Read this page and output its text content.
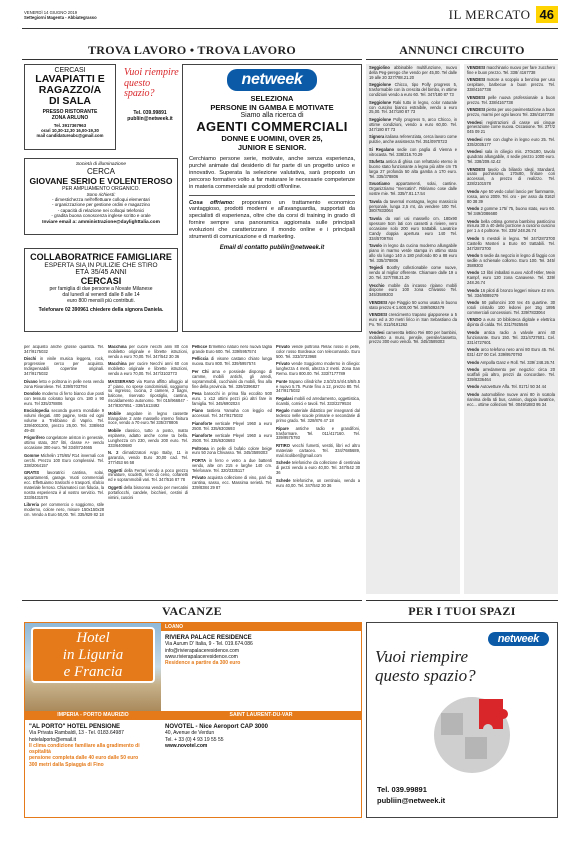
VENERDÌ 14 GIUGNO 2019

Settegiorni Magenta - Abbiategrasso	IL MERCATO 46
TROVA LAVORO • TROVA LAVORO	ANNUNCI CIRCUITO
CERCASI
LAVAPIATTI E
RAGAZZO/A
DI SALA
PRESSO RISTORANTE
ZONA ARLUNO
Tel. 3917367963
orari 10,30-12,30 16,00-19,30
mail candidatureabc@gmail.com
Vuoi riempire
questo
spazio?
Tel. 039.99891
publiin@netweek.it
netweek
SELEZIONA
PERSONE IN GAMBA E MOTIVATE
Siamo alla ricerca di
AGENTI COMMERCIALI
DONNE E UOMINI, OVER 25,
JUNIOR E SENIOR.
Cerchiamo persone serie, motivate, anche senza esperienza, purché animate dal desiderio di far parte di un progetto unico e innovativo. Superata la selezione valutativa, sarà proposto un percorso formativo volto a far maturare le necessarie competenze in materia commerciale sui prodotti off/online.
Cosa offriamo: proponiamo un trattamento economico vantaggioso, prodotti moderni e all'avanguardia, supportati da specialisti di esperienza, oltre che da corsi di training in grado di fornire sempre una panoramica aggiornata sulle principali evoluzioni che caratterizzano il mondo online e i principali strumenti di comunicazione e di marketing.
Email di contatto publiin@netweek.it
Società di illuminazione
CERCA
GIOVANE SERIO E VOLENTEROSO
PER AMPLIAMENTO ORGANICO.
Sono richiesti:
- dimestichezza nell'effettuare colloqui elementari
- organizzazione per gestione ordini e magazzino
- capacità di relazione nei colloqui telefonici
- gradita buona conoscenza inglese scritto e orale
Inviare email a: amministrazione@daylighttalia.com
COLLABORATRICE FAMIGLIARE
ESPERTA SIA IN PULIZIE CHE STIRO
ETÀ 35/45 ANNI
CERCASI
per famiglia di due persone a Novate Milanese
dal lunedì al venerdì dalle 8 alle 14
euro 800 mensili più contributi.
Telefonare 02 390961 chiedere della signora Daniela.

per acquisto anche grosse quantità. Tel. 347/9175032

Dischi in vinile musica leggera, rock, progressive cerco per acquisto. Indispensabili copertine originali. 347/9175032

Divano letto e poltrona in pelle nera vendo zona Rivarolese. Tel. 339/5703794

Dondolo moderno di ferro bianco due posti con tessuto colorato lungo cm. 180 x 90 euro. Tel 335/378806

Enciclopedia seconda guerra mondiale 9 volumi rilegati. 400 pagine, testo ed ogni volume a Trebbiano di Vaprio. Tel. 339/4001200, prezzo 25,00. Tel. 338/663 49-48

Frigorifero congelatore ariston in generale, ottimo stato, 267 litri, classe A+ vendo occasione 300 euro. Tel 334/8724665

Gomme Michelin 175/65/ R14 invernali con cerchi. Prezzo 100 Euro complessivi. Tel. 338/2064157

GRATIS lavoratrici cantina, solai, appartamenti, garage. Vuoti commerciali ecc. Effettuiamo traslochi e trasporti, sfalcio materiale ferroso. Chiamateci con fiducia, la nostra esperienza è al vostro servizio. Tel. 333/8431576

Libreria per commercio o soggiorno, stile moderno, colore nero, misure 150x150x28 cm. Vendo a Euro 50,00. Tel. 335/829 82 18

Macchina per cucire necchi anni 80 con mobiletto originale e librette istruzioni, vendo a euro 70,00. Tel. 347/542 30 36

Macchina per cucire Necchi anni 60 con mobiletto originale e librette istruzioni, vendo a euro 70,00. Tel. 347/3103773

MASSERANO via Roma affitto alloggio al 2° piano, no spese condominiali, soggiorno su ingresso, cucina, 2 camere, 2 bagni, balcone, riservato ripostiglio, cantina, riscaldamento autonomo. Tel 015/966847 - 347/8307851 - 338/1613492

Mobile angolare in legno cassette triangolare 2 ante massello interno finitura noce, vendo a 70 euro.Tel 335/378806

Mobile classico, tutto a posto, matto esplarete, adatto anche come ta bella. Lunghezza cm 230, vendo 200 euro. Tel. 333/6400680

N. 2 climatizzatori Argo Baby, 11 in garanzia, vendo Euro 30,00 cad. Tel. 377/453 66 58

Oggetti della Ferrari vendo a poco prezzo miniature, scudetti, ferro di ceno, cofanetti ed e soprammobili vari. Tel. 347/516 87 78

Oggetti della bisnonna vendo per mercatini portafiocchi, candele, bicchieri, cestini di vimini, cuscini

Pellicce Ermellino naturo nero nuova taglia grande Euro 600. Tel. 339/5957574

Pelliccia di visone castano chiaro lunga nuova. Euro 800. Tel. 339/5957574

Per Chi ama e possiede dispongo di camme, mobili antichi, gli arredi, soprammobili, cucchiaini da mobili, fino alla fine della provincia. Tel. 339/2396827

Pesa barocchi in prima fila eccolito 500 euro. 1 x12 ottimi pezzi più altri fare in famiglia. Tel. 345/6902024

Piano tastiera Yamaha con leggìo ed accessori. Tel. 347/9175032

Pianoforte verticale Pleyel 1960 a euro 2500. Tel. 335/6303693

Pianoforte verticale Pleyel 1960 a euro 2500. Tel. 335/6303693

Poltrona in pelle di bufalo colore beige euro 50 zona Chivasso. Tel. 345/3589303

PORTA in ferro e vetro a due battenti vendo, alte cm 215 e larghe 140 cm. Telefonare. Tel. 320/3335117

Privato acquista collezione di vino, pari da cantina, sasso, ecc. Massima serietà. Tel. 339/8384 29 87

Privato vende poltrona Relax rosso in pelle, color rosso Bordeaux con telecomando. Euro 500. Tel. 333/3733968

Privato vende Soggiorno moderno in ciliegio: lunghezza 4 metri, altezza 2 metri. Zona San Remo. Euro 800.00. Tel. 333/7177789

Punte trapano cilindriche 2.5/3/3.5/4/4.5/5/5.5 e nuovo 5.75. Punte fino a 12, prezzo 80. Tel. 347/9175032

Regalasi mobili ed arredamento, oggettistica, ricambi, cornici e tavoli. Tel. 333/2279534

Regalo materiale didattico per insegnanti dal tedesco nelle scuole primarie e secondarie di primo grado. Tel. 328/876 47 18

Ripare antiche radio e grandifoni, trasformare. Tel. 011/417160. Tel. 339/9575793

RITIRO vecchi fumetti, vestiti, libri ed altro materiale cartaceo. Tel. 334/7685689, mail.ricoliber@gmail.com

Schede telefoniche da collezione di centinaia di pezzi vendo a euro 40,00. Tel. 347/542 30 36

Schede telefoniche, un centinaio, vendo a euro 40,00. Tel. 347/542 30 36

Seggiolino abbinabile multifunzione, nuovo della Peg-perego che vendo per 45,00. Tel dalle 19 alle 20 327/788.21.20

Seggiolone Chicco, tipo Polly progress 5, trasformabile con la crescita del bimbo, in ottime condizioni vendo a euro 60. Tel. 347/180 87 73

Seggiolone Raki tutto in legno, color naturale con cuscino bianco estraibile, vendo a euro 25,00. Tel. 347/180 87 73

Seggiolone Polly progress 5, arco Chicco, in ottime condizioni, vendo a euro 60,00. Tel. 347/180 87 73

Signora italiana referenziata, cerca lavoro come pulizie, anche assistenza Tel. 351/0970723

Si Regalano sedie con paglia di Vienna e vitrocasta. Tel. 338/216.70.29

Stufetta antica di ghisa con refrattario eterno in buono stato funzionante a legna più altre cm 75 larga 27 profonda 50 alta gamba a 170 euro. Tel. 335/378806

Svuotiamo appartamenti, solai, cantine. Organizziamo "mercatini". Ritiriamo cose dalle vostre mie. Tel. 335/7.81.17.54

Tavola da tavernal montagna, legno massiccio personale, lunga 2,5 mt, da vendere 100 Tel. 380/7833064

Tavola da vari usi massello cm. 180x90 spessore 5cm lati con cassetti a riviere, vero occasione solo 200 euro trattabili. Lavatrice Candy doppia apertura euro 140 Tel. 334/5709784

Tavolo in legno da cucina moderno allungabile piano in marmo verde stampa in ottimo stato allo slo lungo 140 a 180 profondo 80 a 88 euro Tel. 335/378806

Tegiedi Boothy collezionabile come nuove, vendo al miglior offerente. Chiamare dalle 19 o 20. Tel. 327/788.21.20

Vecchio mobile da incasso ripiano mobili dispone euro 100 zona Chivasso Tel. 345/3589303

VENDESI Ape Piaggio 50 uomo usata in buono stato prezzo € 1.600,00 Tel. 349/5092479

VENDESI crescimento trapano giapponese a 5 euro ed a 20 metri lirico in San Sebastiano da Po. Tel. 011/9191262

Vendesi cameretta lettino Rei 800 per bambini, mobiletto a muro, pensile, pensile/cassetto, prezzo 300 euro vendo. Tel. 345/3589303

VENDESI macchinario nuovo per fare zucchero fine e buon prezzo. Tel. 338/ 4167738

VENDESI motore a scoppio a benzina per uso cespitare, barbecue a buon prezzo. Tel. 338/4167738

VENDESI pelle nuova professionale a buon prezzo. Tel. 338/4167738

VENDESI pietra per uso pavimentazione a buon prezzo, marmi per ogni lavoro Tel. 338/4167738

Vendesi registrazioni di casse usi cinque generazione come nuova. Occasione. Tel. 377/2 045 09 21

Vendesi rete con doghe in legno euro 25. Tel. 335/2035177

Vendesi sala in ciliegio mis. 270x180, tavolo quadrato allungabile, 4 sedie prezzo 1000 euro. Tel. 338/209.42.42

VENDESI tavolo da biliardo Ideal, Standard, usato pochissimo, 170x80, finiture con accessori, a prezzo di realizzo. Tel. 328/2101578

Vendo Ape 50 vedo colori lancio per fiammante, rossa, anno 2009. Tel. oro - per asso da 0162/ 80 38 39

Vendo 2 gomme 175/ 75, buono stato, euro 60. Tel 349/2086680

Vendo bella ottima gomma bambino pasticcino misura 30 a 40 dello porzione a cuscino cuscino per 1 a 4 poltrone. Tel. 339/ 248.26.74

Vendo 5 mestoli in legno. Tel 347/2873700 Castello Mosteri a Euro 60 trattabili. Tel. 347/2873700

Vendo 5 sedie da negozio in legno di faggio con sedile a schienale collorno. Euro 100. Tel. 345/ 3589303

Vendo 13 libri imballati nuovo Adolf Hitler, Mein Kampf, euro 120 zona Canavese. Tel. 339/ 248.26.74

Vendo 16 piloti di bronzo leggeri misure 42 mm. Tel. 334/8089279

Vendo 50 palloncini 100 tex 45 quartine. 30 rotoli cristallo 100 ledorei per 15g 1895 commerciali concessioni. Tel. 339/7833064

VENDO a euro 10 biblioteca digitale e elettrica dipinta di calda. Tel. 331/7925546

Vendo antica radio a valvole anni 40 funzionante. Euro 150. Tel. 331/4727601. Cel. 331/4727601

Vendo arco telefono nero anni 80 Euro 45. Tel. 031/ 427 00 Cel. 339/9570793

Vendo Ampolla Ganz e Roll. Tel. 339/ 248.26.74

Vendo arredamento per negozio: circa 20 scaffali più altro, prezzi da concordare. Tel. 339/8336464

Vendo Autovetture Alfa. Tel. 0171/ 50 34 44

Vendo automobiline nuove anni 80 in scatola rianima della Idi bus, camion, doppia lavatrice, ecc... ottime collezioni Tel. 0049/1883 95 34

VACANZE	PER I TUOI SPAZI
Hotel
in Liguria
e Francia
LOANO
RIVIERA PALACE RESIDENCE
Via Aurum D' Italia, 9 - Tel. 019.674.086
info@rivierapalaceresidence.com
www.rivierapalaceresidence.com
Residence a partire da 300 euro
IMPERIA - PORTO MAURIZIO	SAINT LAURENT-DU-VAR
"AL PORTO" HOTEL PENSIONE
Via Privata Rambaldi, 13 - Tel. 0183.64987
hotelalporto@email.it
Il clima condizione familiare alla gradimento di ospitalità
pensione completa dalle 40 euro dalle 50 euro
300 metri dalla Spiaggia di Fino
NOVOTEL - Nice Aeroport CAP 3000
40, Avenue de Verdun
Tel. + 33 (0) 4 93 19 55 55
www.novotel.com
netweek
Vuoi riempire
questo spazio?
Tel. 039.99891
publiin@netweek.it
